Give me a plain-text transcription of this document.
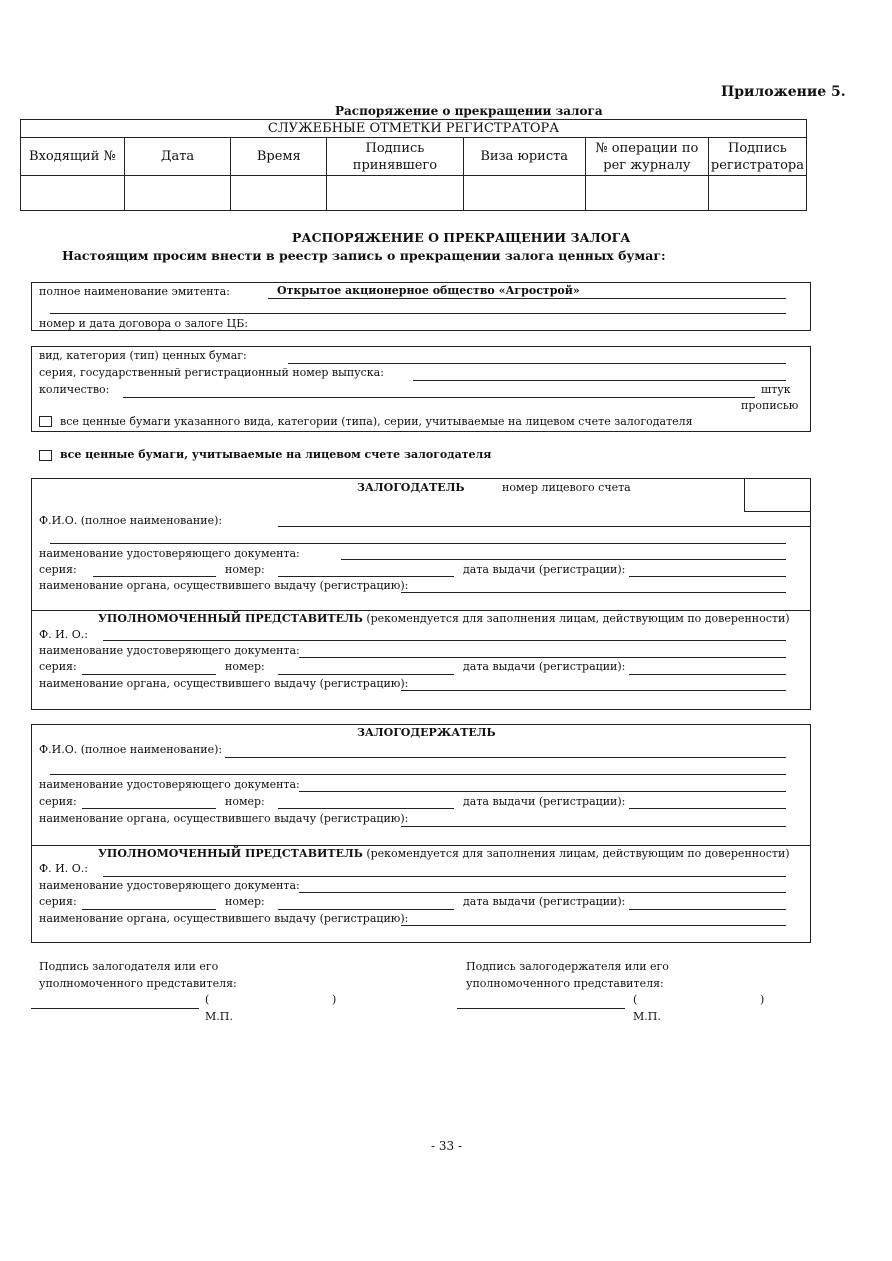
Приложение 5.
Распоряжение о прекращении залога
СЛУЖЕБНЫЕ ОТМЕТКИ РЕГИСТРАТОРА						
Входящий №	Дата	Время	Подпись принявшего	Виза юриста	№ операции по рег журналу	Подпись регистратора

РАСПОРЯЖЕНИЕ О ПРЕКРАЩЕНИИ ЗАЛОГА
Настоящим просим внести в реестр запись о прекращении залога ценных бумаг:
полное наименование эмитента:	Открытое акционерное общество «Агрострой»
номер и дата договора о залоге ЦБ:
вид, категория (тип) ценных бумаг:
серия, государственный регистрационный номер выпуска:
количество:	штук
прописью
все ценные бумаги указанного вида, категории (типа), серии, учитываемые на лицевом счете залогодателя
все ценные бумаги, учитываемые на лицевом счете залогодателя
ЗАЛОГОДАТЕЛЬ	номер лицевого счета
Ф.И.О. (полное наименование):
наименование удостоверяющего документа:
серия:	номер:	дата выдачи (регистрации):
наименование органа, осуществившего выдачу (регистрацию):
УПОЛНОМОЧЕННЫЙ ПРЕДСТАВИТЕЛЬ (рекомендуется для заполнения лицам, действующим по доверенности)
Ф. И. О.:
наименование удостоверяющего документа:
серия:	номер:	дата выдачи (регистрации):
наименование органа, осуществившего выдачу (регистрацию):
ЗАЛОГОДЕРЖАТЕЛЬ
Ф.И.О. (полное наименование):
наименование удостоверяющего документа:
серия:	номер:	дата выдачи (регистрации):
наименование органа, осуществившего выдачу (регистрацию):
УПОЛНОМОЧЕННЫЙ ПРЕДСТАВИТЕЛЬ (рекомендуется для заполнения лицам, действующим по доверенности)
Ф. И. О.:
наименование удостоверяющего документа:
серия:	номер:	дата выдачи (регистрации):
наименование органа, осуществившего выдачу (регистрацию):
Подпись залогодателя или его
уполномоченного представителя:
(	)
М.П.
Подпись залогодержателя или его
уполномоченного представителя:
(	)
М.П.
- 33 -
